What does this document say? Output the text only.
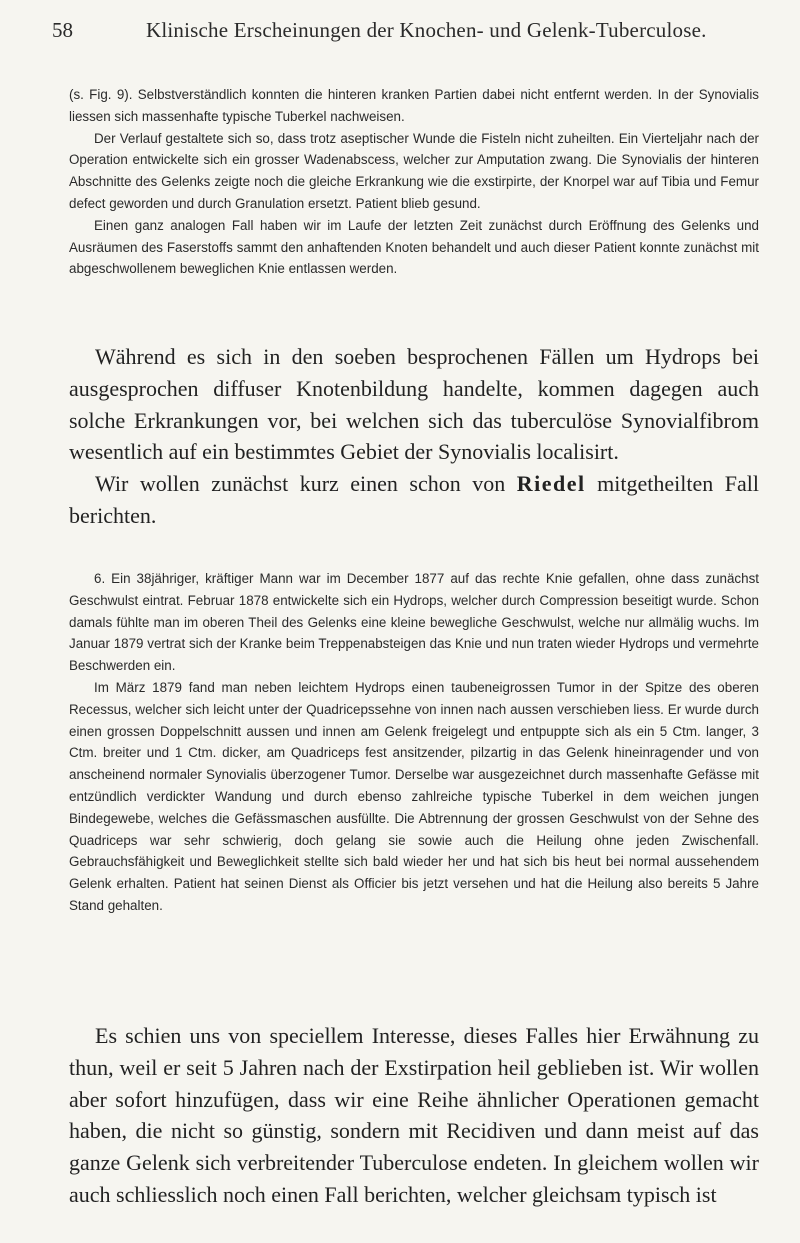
58	Klinische Erscheinungen der Knochen- und Gelenk-Tuberculose.

(s. Fig. 9). Selbstverständlich konnten die hinteren kranken Partien dabei nicht entfernt werden. In der Synovialis liessen sich massenhafte typische Tuberkel nachweisen.

Der Verlauf gestaltete sich so, dass trotz aseptischer Wunde die Fisteln nicht zuheilten. Ein Vierteljahr nach der Operation entwickelte sich ein grosser Wadenabscess, welcher zur Amputation zwang. Die Synovialis der hinteren Abschnitte des Gelenks zeigte noch die gleiche Erkrankung wie die exstirpirte, der Knorpel war auf Tibia und Femur defect geworden und durch Granulation ersetzt. Patient blieb gesund.

Einen ganz analogen Fall haben wir im Laufe der letzten Zeit zunächst durch Eröffnung des Gelenks und Ausräumen des Faserstoffs sammt den anhaftenden Knoten behandelt und auch dieser Patient konnte zunächst mit abgeschwollenem beweglichen Knie entlassen werden.

Während es sich in den soeben besprochenen Fällen um Hydrops bei ausgesprochen diffuser Knotenbildung handelte, kommen dagegen auch solche Erkrankungen vor, bei welchen sich das tuberculöse Synovialfibrom wesentlich auf ein bestimmtes Gebiet der Synovialis localisirt.

Wir wollen zunächst kurz einen schon von Riedel mitgetheilten Fall berichten.

6. Ein 38jähriger, kräftiger Mann war im December 1877 auf das rechte Knie gefallen, ohne dass zunächst Geschwulst eintrat. Februar 1878 entwickelte sich ein Hydrops, welcher durch Compression beseitigt wurde. Schon damals fühlte man im oberen Theil des Gelenks eine kleine bewegliche Geschwulst, welche nur allmälig wuchs. Im Januar 1879 vertrat sich der Kranke beim Treppenabsteigen das Knie und nun traten wieder Hydrops und vermehrte Beschwerden ein.

Im März 1879 fand man neben leichtem Hydrops einen taubeneigrossen Tumor in der Spitze des oberen Recessus, welcher sich leicht unter der Quadricepssehne von innen nach aussen verschieben liess. Er wurde durch einen grossen Doppelschnitt aussen und innen am Gelenk freigelegt und entpuppte sich als ein 5 Ctm. langer, 3 Ctm. breiter und 1 Ctm. dicker, am Quadriceps fest ansitzender, pilzartig in das Gelenk hineinragender und von anscheinend normaler Synovialis überzogener Tumor. Derselbe war ausgezeichnet durch massenhafte Gefässe mit entzündlich verdickter Wandung und durch ebenso zahlreiche typische Tuberkel in dem weichen jungen Bindegewebe, welches die Gefässmaschen ausfüllte. Die Abtrennung der grossen Geschwulst von der Sehne des Quadriceps war sehr schwierig, doch gelang sie sowie auch die Heilung ohne jeden Zwischenfall. Gebrauchsfähigkeit und Beweglichkeit stellte sich bald wieder her und hat sich bis heut bei normal aussehendem Gelenk erhalten. Patient hat seinen Dienst als Officier bis jetzt versehen und hat die Heilung also bereits 5 Jahre Stand gehalten.

Es schien uns von speciellem Interesse, dieses Falles hier Erwähnung zu thun, weil er seit 5 Jahren nach der Exstirpation heil geblieben ist. Wir wollen aber sofort hinzufügen, dass wir eine Reihe ähnlicher Operationen gemacht haben, die nicht so günstig, sondern mit Recidiven und dann meist auf das ganze Gelenk sich verbreitender Tuberculose endeten. In gleichem wollen wir auch schliesslich noch einen Fall berichten, welcher gleichsam typisch ist
